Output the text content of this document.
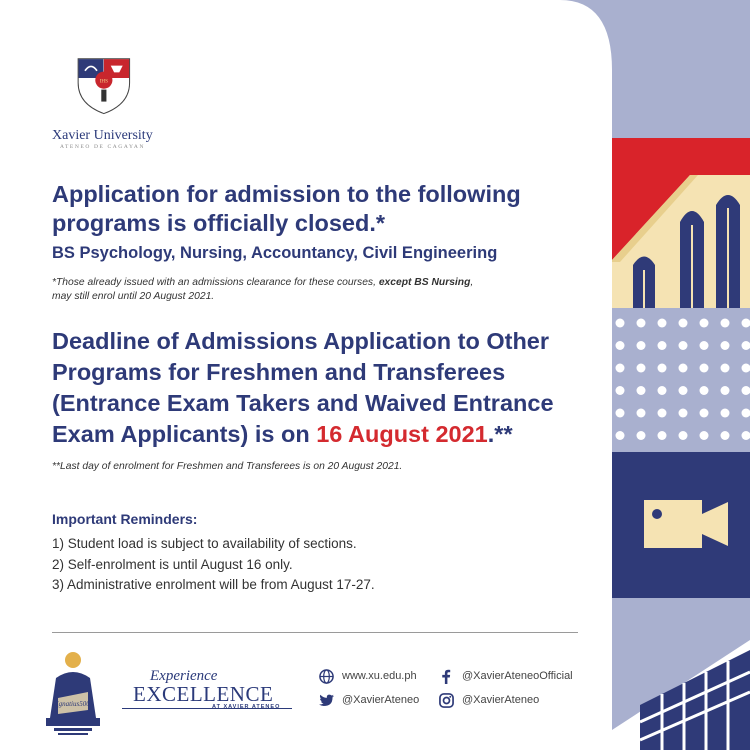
IHS
Xavier University
ATENEO DE CAGAYAN
Application for admission to the following
programs is officially closed.*
BS Psychology, Nursing, Accountancy, Civil Engineering
*Those already issued with an admissions clearance for these courses, except BS Nursing,
may still enrol until 20 August 2021.
Deadline of Admissions Application to Other
Programs for Freshmen and Transferees
(Entrance Exam Takers and Waived Entrance
Exam Applicants) is on 16 August 2021.**
**Last day of enrolment for Freshmen and Transferees is on 20 August 2021.
Important Reminders:
1) Student load is subject to availability of sections.
2) Self-enrolment is until August 16 only.
3) Administrative enrolment will be from August 17-27.
Ignatius500
Experience
EXCELLENCE
AT XAVIER ATENEO
www.xu.edu.ph	@XavierAteneoOfficial
@XavierAteneo	@XavierAteneo
